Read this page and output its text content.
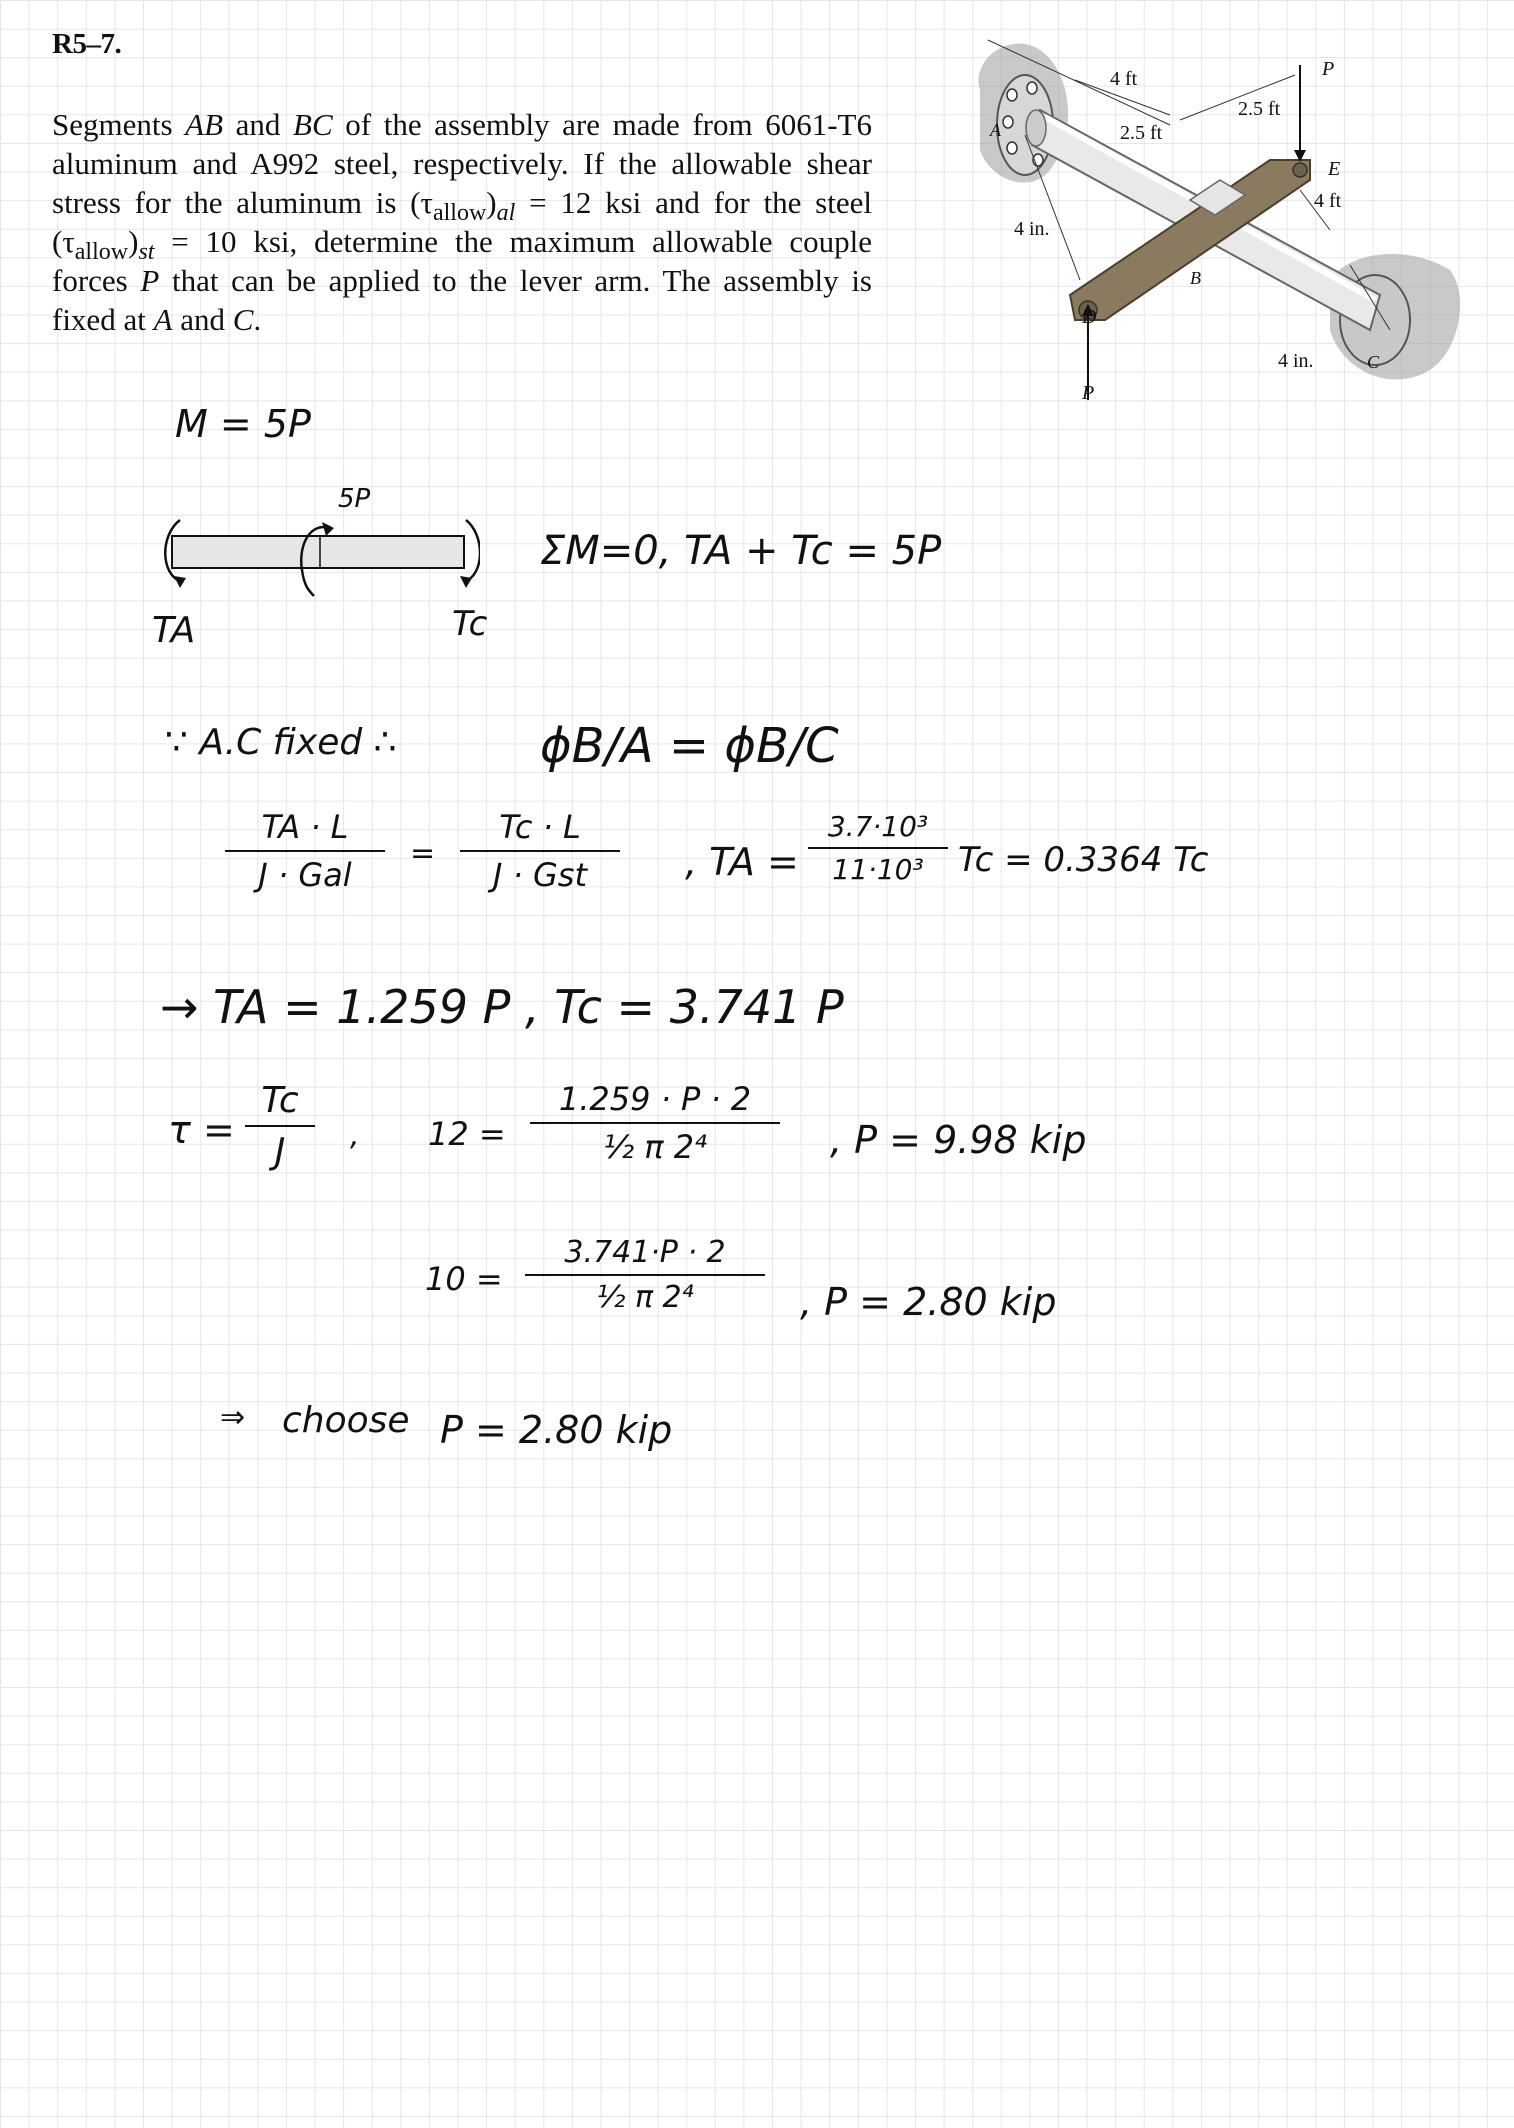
R5–7.

Segments AB and BC of the assembly are made from 6061-T6 aluminum and A992 steel, respectively. If the allowable shear stress for the aluminum is $(\tau_{allow})_{al} = 12$ ksi and for the steel $(\tau_{allow})_{st} = 10$ ksi, determine the maximum allowable couple forces P that can be applied to the lever arm. The assembly is fixed at A and C.

4 ft
2.5 ft
2.5 ft
4 ft
4 in.
4 in.
A
B
C
D
E
P
P
M = 5P
5P
TA	Tc
ΣM=0, TA + Tc = 5P
∵ A.C fixed ∴	ϕB/A = ϕB/C
TA · L
J · Gal
=
Tc · L
J · Gst	, TA =
3.7·10³
11·10³	Tc = 0.3364 Tc
→ TA = 1.259 P , Tc = 3.741 P
τ =
Tc
J	, 12 =
1.259 · P · 2
½ π 2⁴	, P = 9.98 kip
10 =
3.741·P · 2
½ π 2⁴	, P = 2.80 kip
⇒ choose P = 2.80 kip
